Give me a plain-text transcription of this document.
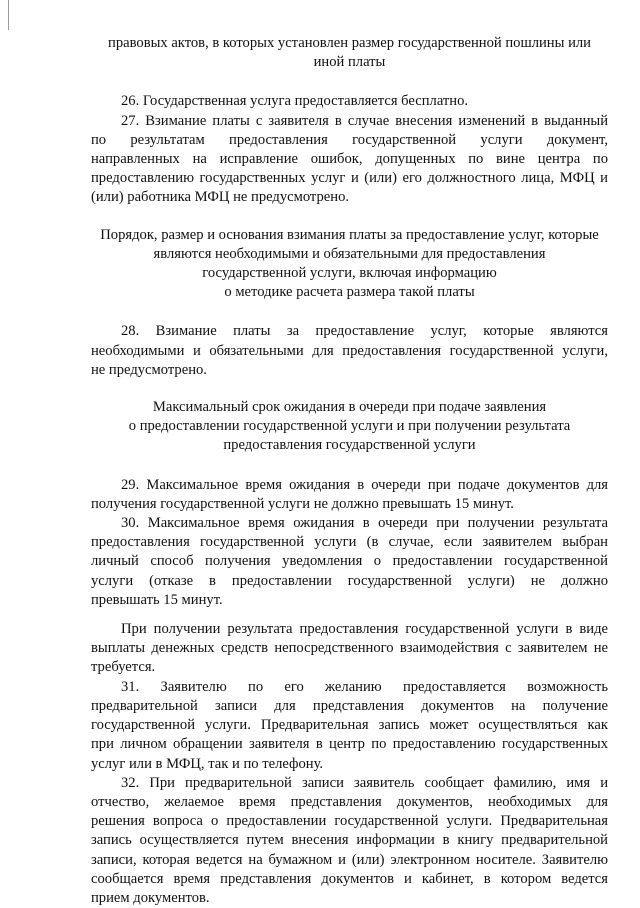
правовых актов, в которых установлен размер государственной пошлины или
иной платы
26. Государственная услуга предоставляется бесплатно.
27. Взимание платы с заявителя в случае внесения изменений в выданный
по результатам предоставления государственной услуги документ,
направленных на исправление ошибок, допущенных по вине центра по
предоставлению государственных услуг и (или) его должностного лица, МФЦ и
(или) работника МФЦ не предусмотрено.
Порядок, размер и основания взимания платы за предоставление услуг, которые
являются необходимыми и обязательными для предоставления
государственной услуги, включая информацию
о методике расчета размера такой платы
28. Взимание платы за предоставление услуг, которые являются
необходимыми и обязательными для предоставления государственной услуги,
не предусмотрено.
Максимальный срок ожидания в очереди при подаче заявления
о предоставлении государственной услуги и при получении результата
предоставления государственной услуги
29. Максимальное время ожидания в очереди при подаче документов для
получения государственной услуги не должно превышать 15 минут.
30. Максимальное время ожидания в очереди при получении результата
предоставления государственной услуги (в случае, если заявителем выбран
личный способ получения уведомления о предоставлении государственной
услуги (отказе в предоставлении государственной услуги) не должно
превышать 15 минут.
При получении результата предоставления государственной услуги в виде
выплаты денежных средств непосредственного взаимодействия с заявителем не
требуется.
31. Заявителю по его желанию предоставляется возможность
предварительной записи для представления документов на получение
государственной услуги. Предварительная запись может осуществляться как
при личном обращении заявителя в центр по предоставлению государственных
услуг или в МФЦ, так и по телефону.
32. При предварительной записи заявитель сообщает фамилию, имя и
отчество, желаемое время представления документов, необходимых для
решения вопроса о предоставлении государственной услуги. Предварительная
запись осуществляется путем внесения информации в книгу предварительной
записи, которая ведется на бумажном и (или) электронном носителе. Заявителю
сообщается время представления документов и кабинет, в котором ведется
прием документов.
